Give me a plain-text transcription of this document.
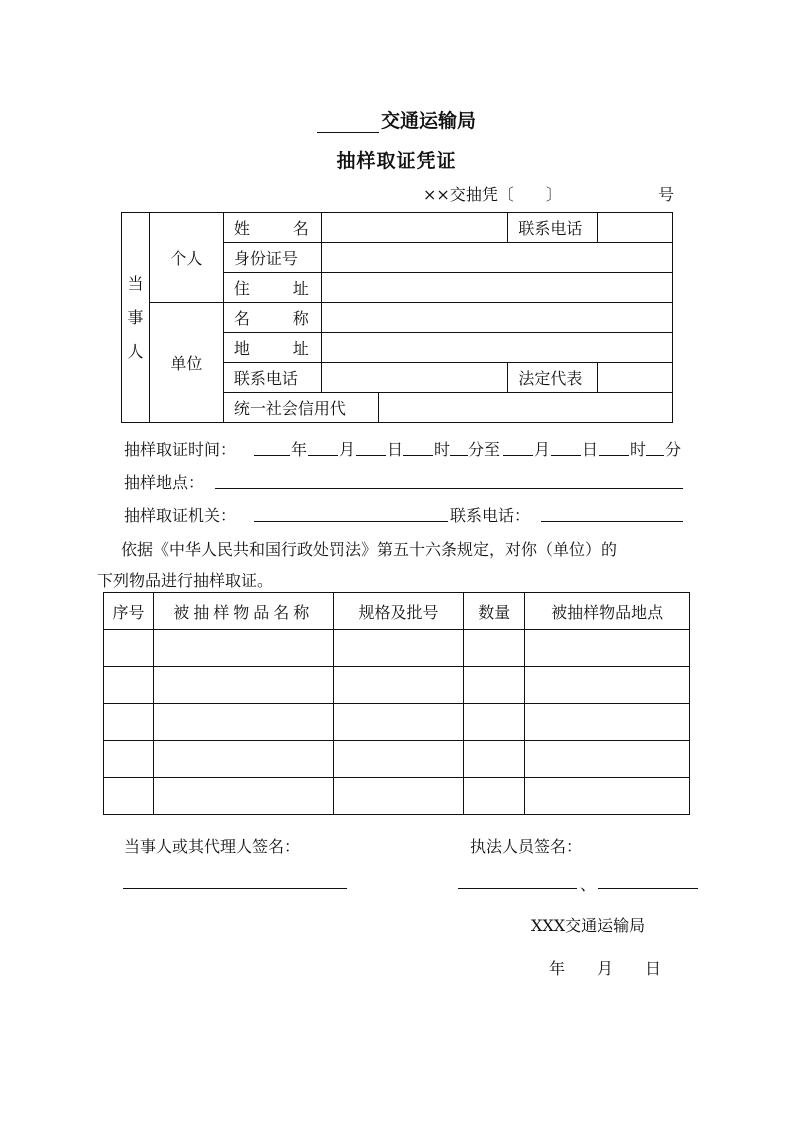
交通运输局
抽样取证凭证
××交抽凭〔　　〕	号
当
事
人	个人	姓　　名			联系电话	
		身份证号				
		住　　址				
	单位	名　　称				
		地　　址				
		联系电话			法定代表	
		统一社会信用代				
抽样取证时间：	年 月 日 时 分至 月 日 时 分
抽样地点：
抽样取证机关：	联系电话：
依据《中华人民共和国行政处罚法》第五十六条规定，对你（单位）的
下列物品进行抽样取证。
序号	被抽样物品名称	规格及批号	数量	被抽样物品地点

当事人或其代理人签名：	执法人员签名：
、
XXX交通运输局
年　　月　　日
